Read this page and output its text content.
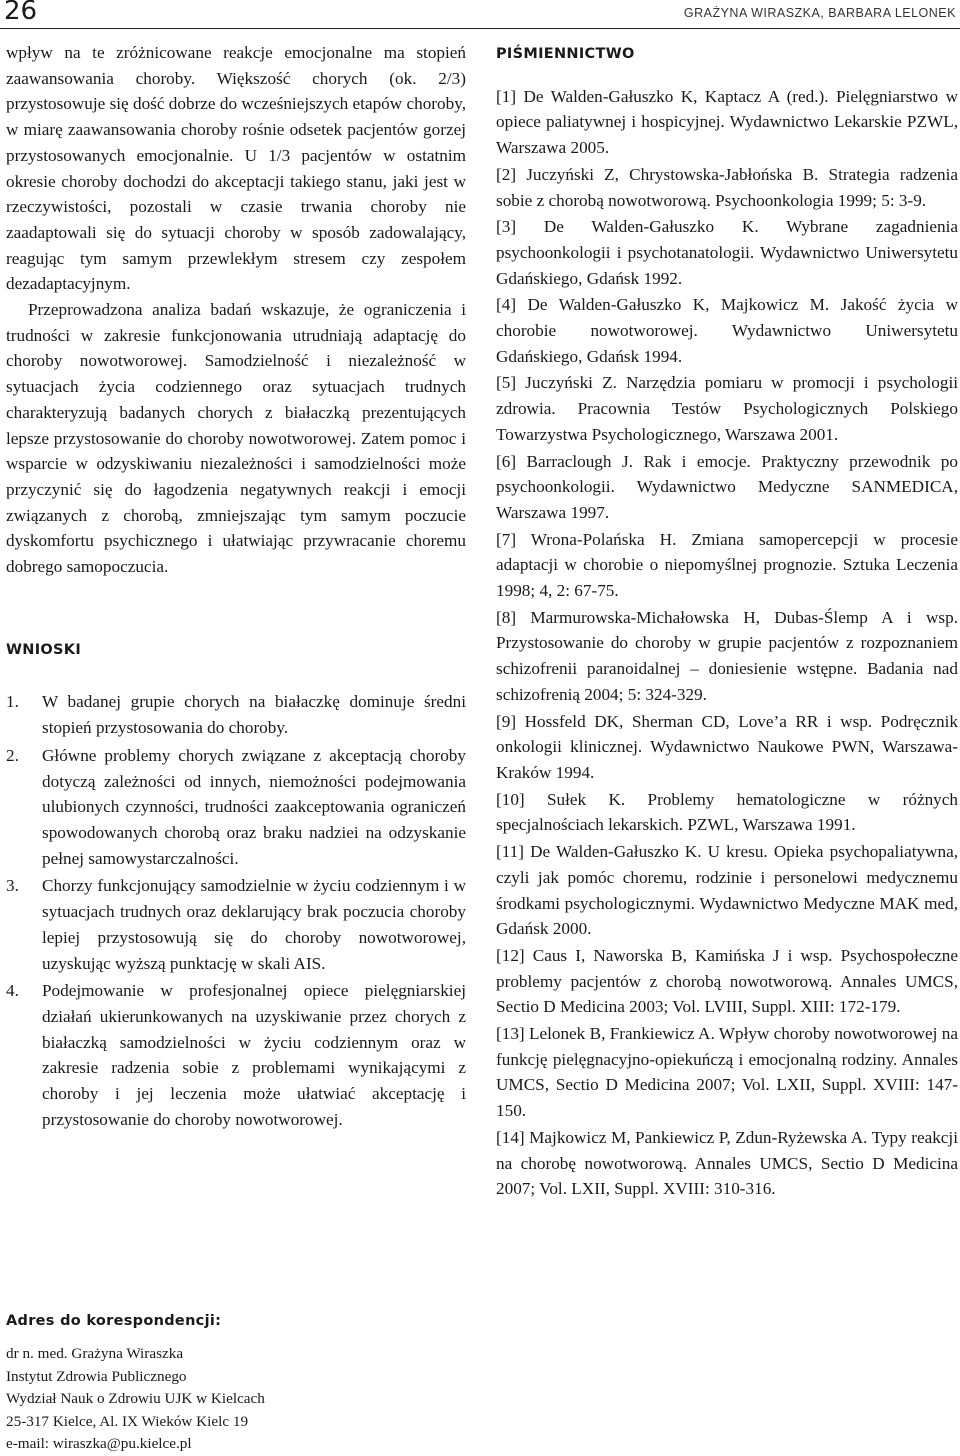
26	GRAŻYNA WIRASZKA, BARBARA LELONEK

wpływ na te zróżnicowane reakcje emocjonalne ma stopień zaawansowania choroby. Większość chorych (ok. 2/3) przystosowuje się dość dobrze do wcześniejszych etapów choroby, w miarę zaawansowania choroby rośnie odsetek pacjentów gorzej przystosowanych emocjonalnie. U 1/3 pacjentów w ostatnim okresie choroby dochodzi do akceptacji takiego stanu, jaki jest w rzeczywistości, pozostali w czasie trwania choroby nie zaadaptowali się do sytuacji choroby w sposób zadowalający, reagując tym samym przewlekłym stresem czy zespołem dezadaptacyjnym.

Przeprowadzona analiza badań wskazuje, że ograniczenia i trudności w zakresie funkcjonowania utrudniają adaptację do choroby nowotworowej. Samodzielność i niezależność w sytuacjach życia codziennego oraz sytuacjach trudnych charakteryzują badanych chorych z białaczką prezentujących lepsze przystosowanie do choroby nowotworowej. Zatem pomoc i wsparcie w odzyskiwaniu niezależności i samodzielności może przyczynić się do łagodzenia negatywnych reakcji i emocji związanych z chorobą, zmniejszając tym samym poczucie dyskomfortu psychicznego i ułatwiając przywracanie choremu dobrego samopoczucia.

WNIOSKI
1. W badanej grupie chorych na białaczkę dominuje średni stopień przystosowania do choroby.
2. Główne problemy chorych związane z akceptacją choroby dotyczą zależności od innych, niemożności podejmowania ulubionych czynności, trudności zaakceptowania ograniczeń spowodowanych chorobą oraz braku nadziei na odzyskanie pełnej samowystarczalności.
3. Chorzy funkcjonujący samodzielnie w życiu codziennym i w sytuacjach trudnych oraz deklarujący brak poczucia choroby lepiej przystosowują się do choroby nowotworowej, uzyskując wyższą punktację w skali AIS.
4. Podejmowanie w profesjonalnej opiece pielęgniarskiej działań ukierunkowanych na uzyskiwanie przez chorych z białaczką samodzielności w życiu codziennym oraz w zakresie radzenia sobie z problemami wynikającymi z choroby i jej leczenia może ułatwiać akceptację i przystosowanie do choroby nowotworowej.
PIŚMIENNICTWO

[1] De Walden-Gałuszko K, Kaptacz A (red.). Pielęgniarstwo w opiece paliatywnej i hospicyjnej. Wydawnictwo Lekarskie PZWL, Warszawa 2005.

[2] Juczyński Z, Chrystowska-Jabłońska B. Strategia radzenia sobie z chorobą nowotworową. Psychoonkologia 1999; 5: 3-9.

[3] De Walden-Gałuszko K. Wybrane zagadnienia psychoonkologii i psychotanatologii. Wydawnictwo Uniwersytetu Gdańskiego, Gdańsk 1992.

[4] De Walden-Gałuszko K, Majkowicz M. Jakość życia w chorobie nowotworowej. Wydawnictwo Uniwersytetu Gdańskiego, Gdańsk 1994.

[5] Juczyński Z. Narzędzia pomiaru w promocji i psychologii zdrowia. Pracownia Testów Psychologicznych Polskiego Towarzystwa Psychologicznego, Warszawa 2001.

[6] Barraclough J. Rak i emocje. Praktyczny przewodnik po psychoonkologii. Wydawnictwo Medyczne SANMEDICA, Warszawa 1997.

[7] Wrona-Polańska H. Zmiana samopercepcji w procesie adaptacji w chorobie o niepomyślnej prognozie. Sztuka Leczenia 1998; 4, 2: 67-75.

[8] Marmurowska-Michałowska H, Dubas-Ślemp A i wsp. Przystosowanie do choroby w grupie pacjentów z rozpoznaniem schizofrenii paranoidalnej – doniesienie wstępne. Badania nad schizofrenią 2004; 5: 324-329.

[9] Hossfeld DK, Sherman CD, Love’a RR i wsp. Podręcznik onkologii klinicznej. Wydawnictwo Naukowe PWN, Warszawa-Kraków 1994.

[10] Sułek K. Problemy hematologiczne w różnych specjalnościach lekarskich. PZWL, Warszawa 1991.

[11] De Walden-Gałuszko K. U kresu. Opieka psychopaliatywna, czyli jak pomóc choremu, rodzinie i personelowi medycznemu środkami psychologicznymi. Wydawnictwo Medyczne MAK med, Gdańsk 2000.

[12] Caus I, Naworska B, Kamińska J i wsp. Psychospołeczne problemy pacjentów z chorobą nowotworową. Annales UMCS, Sectio D Medicina 2003; Vol. LVIII, Suppl. XIII: 172-179.

[13] Lelonek B, Frankiewicz A. Wpływ choroby nowotworowej na funkcję pielęgnacyjno-opiekuńczą i emocjonalną rodziny. Annales UMCS, Sectio D Medicina 2007; Vol. LXII, Suppl. XVIII: 147-150.

[14] Majkowicz M, Pankiewicz P, Zdun-Ryżewska A. Typy reakcji na chorobę nowotworową. Annales UMCS, Sectio D Medicina 2007; Vol. LXII, Suppl. XVIII: 310-316.

Adres do korespondencji:

dr n. med. Grażyna Wiraszka

Instytut Zdrowia Publicznego

Wydział Nauk o Zdrowiu UJK w Kielcach

25-317 Kielce, Al. IX Wieków Kielc 19

e-mail: wiraszka@pu.kielce.pl
